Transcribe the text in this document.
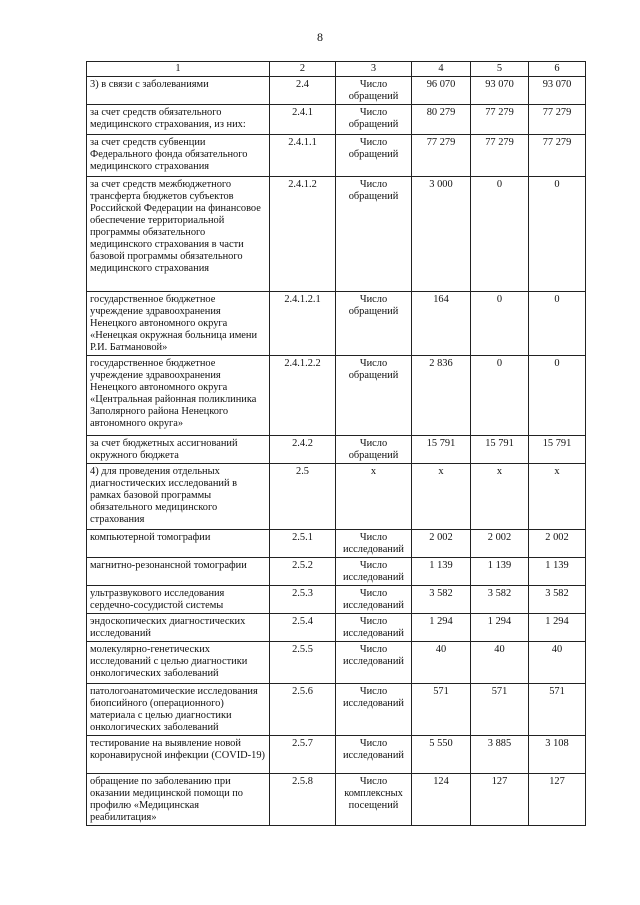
8
1	2	3	4	5	6
3) в связи с заболеваниями	2.4	Число обращений	96 070	93 070	93 070
за счет средств обязательного медицинского страхования, из них:	2.4.1	Число обращений	80 279	77 279	77 279
за счет средств субвенции Федерального фонда обязательного медицинского страхования	2.4.1.1	Число обращений	77 279	77 279	77 279
за счет средств межбюджетного трансферта бюджетов субъектов Российской Федерации на финансовое обеспечение территориальной программы обязательного медицинского страхования в части базовой программы обязательного медицинского страхования	2.4.1.2	Число обращений	3 000	0	0
государственное бюджетное учреждение здравоохранения Ненецкого автономного округа «Ненецкая окружная больница имени Р.И. Батмановой»	2.4.1.2.1	Число обращений	164	0	0
государственное бюджетное учреждение здравоохранения Ненецкого автономного округа «Центральная районная поликлиника Заполярного района Ненецкого автономного округа»	2.4.1.2.2	Число обращений	2 836	0	0
за счет бюджетных ассигнований окружного бюджета	2.4.2	Число обращений	15 791	15 791	15 791
4) для проведения отдельных диагностических исследований в рамках базовой программы обязательного медицинского страхования	2.5	х	х	х	х
компьютерной томографии	2.5.1	Число исследований	2 002	2 002	2 002
магнитно-резонансной томографии	2.5.2	Число исследований	1 139	1 139	1 139
ультразвукового исследования сердечно-сосудистой системы	2.5.3	Число исследований	3 582	3 582	3 582
эндоскопических диагностических исследований	2.5.4	Число исследований	1 294	1 294	1 294
молекулярно-генетических исследований с целью диагностики онкологических заболеваний	2.5.5	Число исследований	40	40	40
патологоанатомические исследования биопсийного (операционного) материала с целью диагностики онкологических заболеваний	2.5.6	Число исследований	571	571	571
тестирование на выявление новой коронавирусной инфекции (COVID-19)	2.5.7	Число исследований	5 550	3 885	3 108
обращение по заболеванию при оказании медицинской помощи по профилю «Медицинская реабилитация»	2.5.8	Число комплексных посещений	124	127	127
